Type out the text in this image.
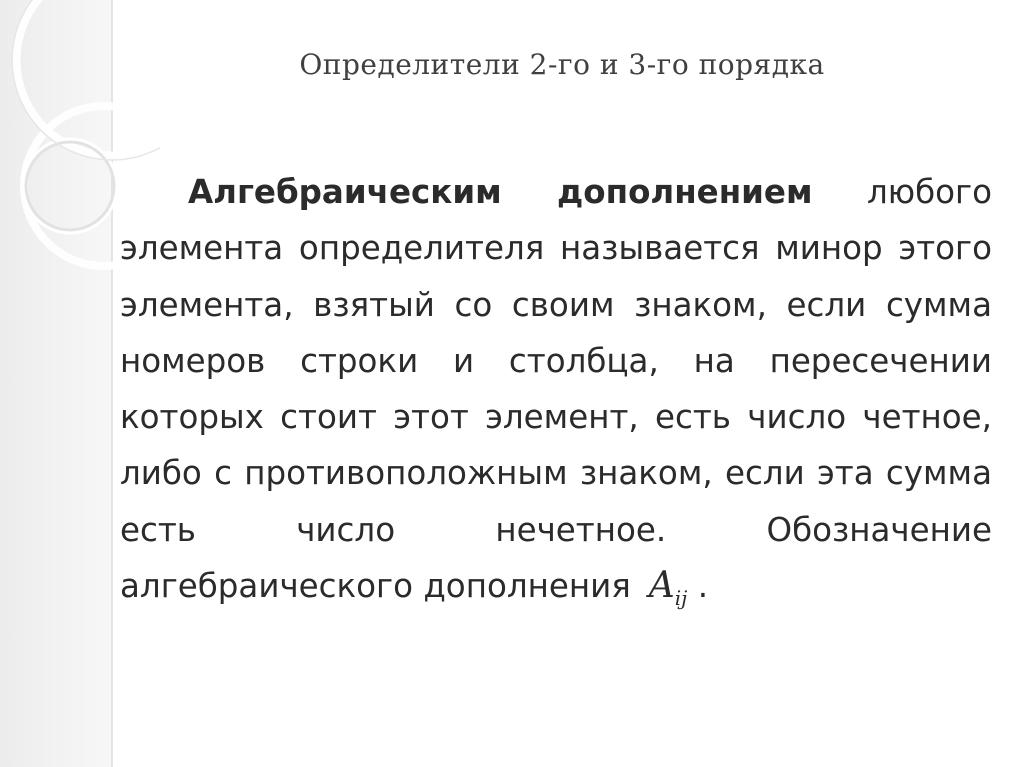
Определители 2-го и 3-го порядка

Алгебраическим дополнением любого элемента определителя называется минор этого элемента, взятый со своим знаком, если сумма номеров строки и столбца, на пересечении которых стоит этот элемент, есть число четное, либо с противоположным знаком, если эта сумма есть число нечетное. Обозначение алгебраического дополнения $A_{ij}$ .
